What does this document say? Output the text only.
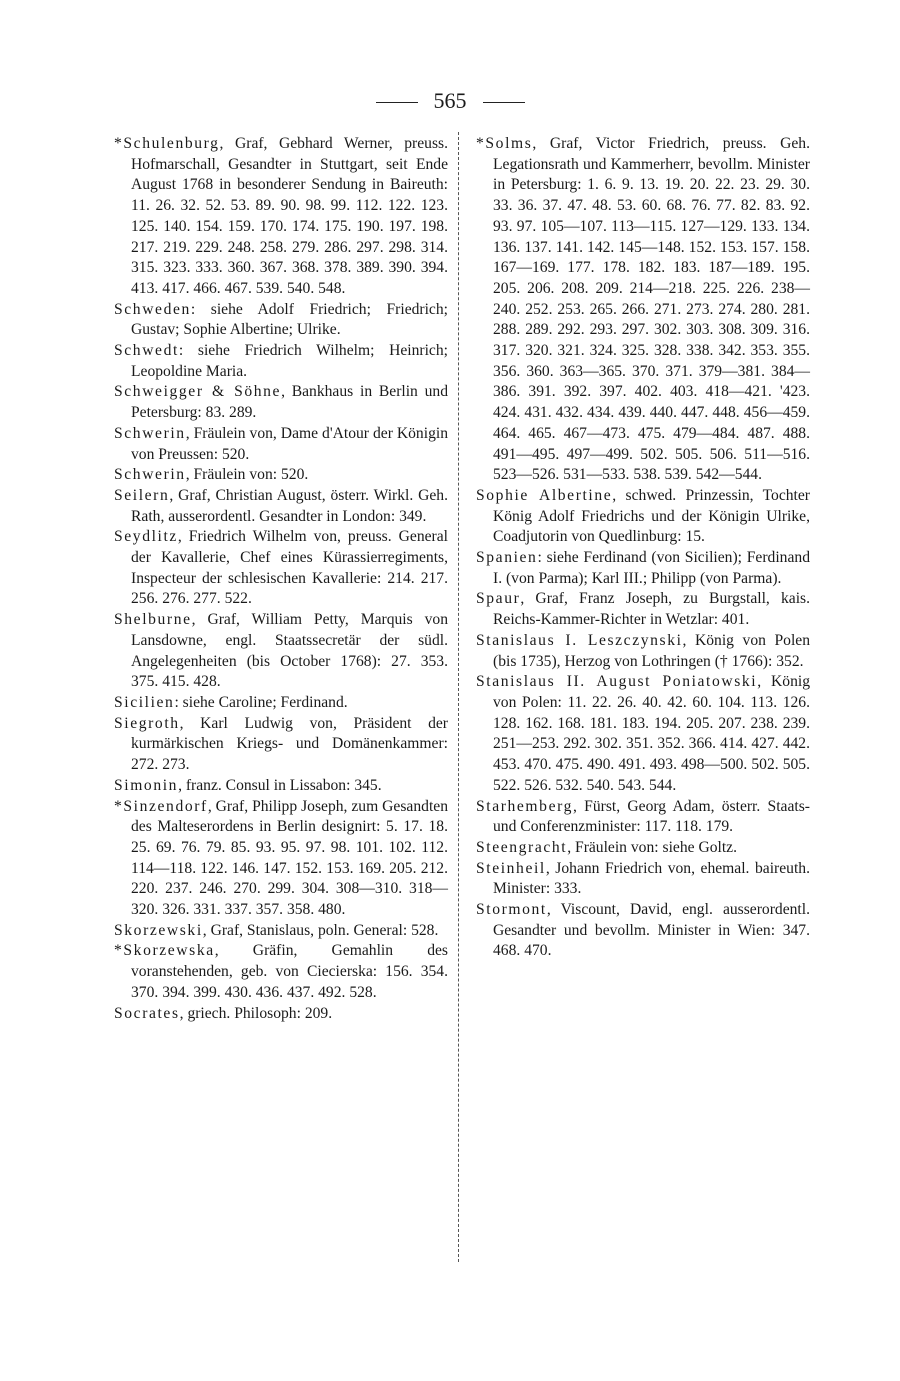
565

*Schulenburg, Graf, Gebhard Werner, preuss. Hofmarschall, Gesandter in Stuttgart, seit Ende August 1768 in besonderer Sendung in Baireuth: 11. 26. 32. 52. 53. 89. 90. 98. 99. 112. 122. 123. 125. 140. 154. 159. 170. 174. 175. 190. 197. 198. 217. 219. 229. 248. 258. 279. 286. 297. 298. 314. 315. 323. 333. 360. 367. 368. 378. 389. 390. 394. 413. 417. 466. 467. 539. 540. 548.

Schweden: siehe Adolf Friedrich; Friedrich; Gustav; Sophie Albertine; Ulrike.

Schwedt: siehe Friedrich Wilhelm; Heinrich; Leopoldine Maria.

Schweigger & Söhne, Bankhaus in Berlin und Petersburg: 83. 289.

Schwerin, Fräulein von, Dame d'Atour der Königin von Preussen: 520.

Schwerin, Fräulein von: 520.

Seilern, Graf, Christian August, österr. Wirkl. Geh. Rath, ausserordentl. Gesandter in London: 349.

Seydlitz, Friedrich Wilhelm von, preuss. General der Kavallerie, Chef eines Kürassierregiments, Inspecteur der schlesischen Kavallerie: 214. 217. 256. 276. 277. 522.

Shelburne, Graf, William Petty, Marquis von Lansdowne, engl. Staatssecretär der südl. Angelegenheiten (bis October 1768): 27. 353. 375. 415. 428.

Sicilien: siehe Caroline; Ferdinand.

Siegroth, Karl Ludwig von, Präsident der kurmärkischen Kriegs- und Domänenkammer: 272. 273.

Simonin, franz. Consul in Lissabon: 345.

*Sinzendorf, Graf, Philipp Joseph, zum Gesandten des Malteserordens in Berlin designirt: 5. 17. 18. 25. 69. 76. 79. 85. 93. 95. 97. 98. 101. 102. 112. 114—118. 122. 146. 147. 152. 153. 169. 205. 212. 220. 237. 246. 270. 299. 304. 308—310. 318—320. 326. 331. 337. 357. 358. 480.

Skorzewski, Graf, Stanislaus, poln. General: 528.

*Skorzewska, Gräfin, Gemahlin des voranstehenden, geb. von Ciecierska: 156. 354. 370. 394. 399. 430. 436. 437. 492. 528.

Socrates, griech. Philosoph: 209.

*Solms, Graf, Victor Friedrich, preuss. Geh. Legationsrath und Kammerherr, bevollm. Minister in Petersburg: 1. 6. 9. 13. 19. 20. 22. 23. 29. 30. 33. 36. 37. 47. 48. 53. 60. 68. 76. 77. 82. 83. 92. 93. 97. 105—107. 113—115. 127—129. 133. 134. 136. 137. 141. 142. 145—148. 152. 153. 157. 158. 167—169. 177. 178. 182. 183. 187—189. 195. 205. 206. 208. 209. 214—218. 225. 226. 238—240. 252. 253. 265. 266. 271. 273. 274. 280. 281. 288. 289. 292. 293. 297. 302. 303. 308. 309. 316. 317. 320. 321. 324. 325. 328. 338. 342. 353. 355. 356. 360. 363—365. 370. 371. 379—381. 384—386. 391. 392. 397. 402. 403. 418—421. '423. 424. 431. 432. 434. 439. 440. 447. 448. 456—459. 464. 465. 467—473. 475. 479—484. 487. 488. 491—495. 497—499. 502. 505. 506. 511—516. 523—526. 531—533. 538. 539. 542—544.

Sophie Albertine, schwed. Prinzessin, Tochter König Adolf Friedrichs und der Königin Ulrike, Coadjutorin von Quedlinburg: 15.

Spanien: siehe Ferdinand (von Sicilien); Ferdinand I. (von Parma); Karl III.; Philipp (von Parma).

Spaur, Graf, Franz Joseph, zu Burgstall, kais. Reichs-Kammer-Richter in Wetzlar: 401.

Stanislaus I. Leszczynski, König von Polen (bis 1735), Herzog von Lothringen († 1766): 352.

Stanislaus II. August Poniatowski, König von Polen: 11. 22. 26. 40. 42. 60. 104. 113. 126. 128. 162. 168. 181. 183. 194. 205. 207. 238. 239. 251—253. 292. 302. 351. 352. 366. 414. 427. 442. 453. 470. 475. 490. 491. 493. 498—500. 502. 505. 522. 526. 532. 540. 543. 544.

Starhemberg, Fürst, Georg Adam, österr. Staats- und Conferenzminister: 117. 118. 179.

Steengracht, Fräulein von: siehe Goltz.

Steinheil, Johann Friedrich von, ehemal. baireuth. Minister: 333.

Stormont, Viscount, David, engl. ausserordentl. Gesandter und bevollm. Minister in Wien: 347. 468. 470.
